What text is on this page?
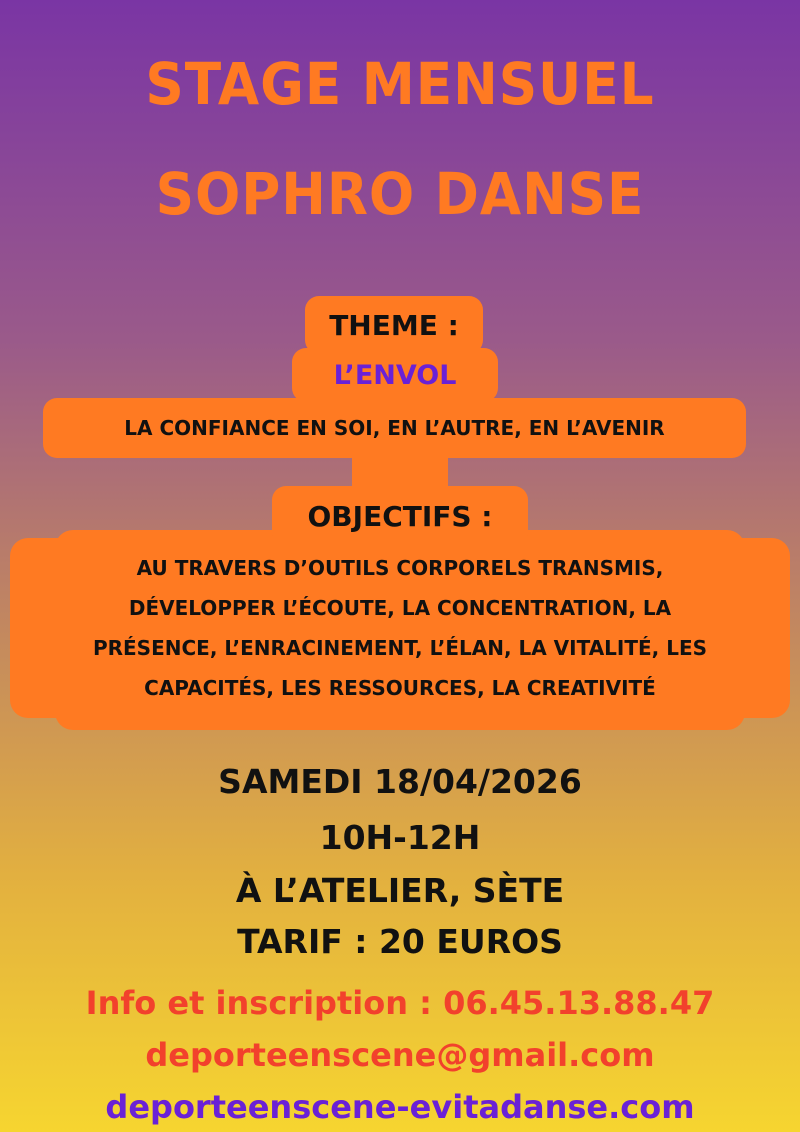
STAGE MENSUEL
SOPHRO DANSE
THEME :
L’ENVOL
LA CONFIANCE EN SOI, EN L’AUTRE, EN L’AVENIR
OBJECTIFS :
AU TRAVERS D’OUTILS CORPORELS TRANSMIS,
DÉVELOPPER L’ÉCOUTE, LA CONCENTRATION, LA
PRÉSENCE, L’ENRACINEMENT, L’ÉLAN, LA VITALITÉ, LES
CAPACITÉS, LES RESSOURCES, LA CREATIVITÉ
SAMEDI 18/04/2026
10H-12H
À L’ATELIER, SÈTE
TARIF : 20 EUROS
Info et inscription : 06.45.13.88.47
deporteenscene@gmail.com
deporteenscene-evitadanse.com
